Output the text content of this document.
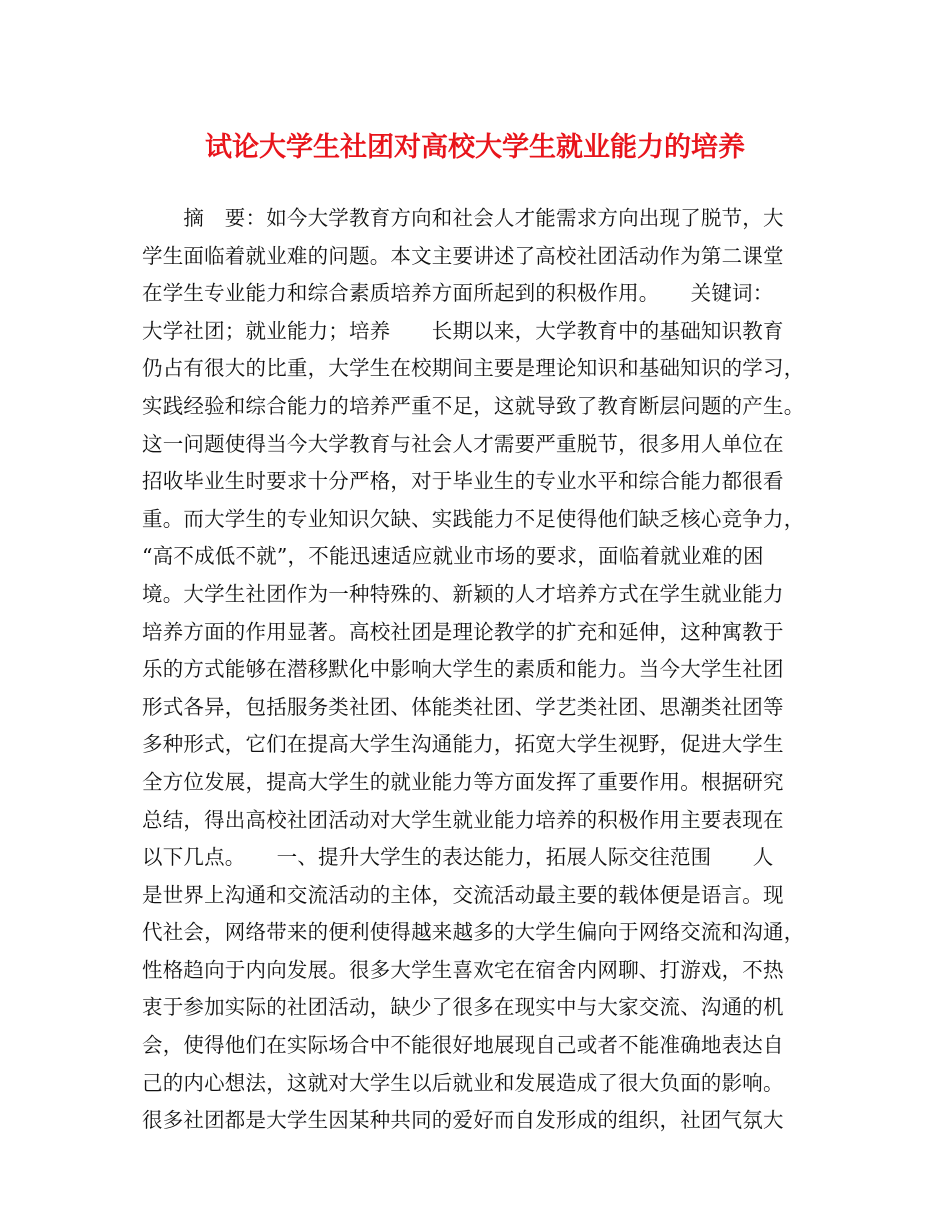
试论大学生社团对高校大学生就业能力的培养
　　摘　要：如今大学教育方向和社会人才能需求方向出现了脱节，大
学生面临着就业难的问题。本文主要讲述了高校社团活动作为第二课堂
在学生专业能力和综合素质培养方面所起到的积极作用。　　关键词：
大学社团；就业能力；培养　　长期以来，大学教育中的基础知识教育
仍占有很大的比重，大学生在校期间主要是理论知识和基础知识的学习，
实践经验和综合能力的培养严重不足，这就导致了教育断层问题的产生。
这一问题使得当今大学教育与社会人才需要严重脱节，很多用人单位在
招收毕业生时要求十分严格，对于毕业生的专业水平和综合能力都很看
重。而大学生的专业知识欠缺、实践能力不足使得他们缺乏核心竞争力，
“高不成低不就”，不能迅速适应就业市场的要求，面临着就业难的困
境。大学生社团作为一种特殊的、新颖的人才培养方式在学生就业能力
培养方面的作用显著。高校社团是理论教学的扩充和延伸，这种寓教于
乐的方式能够在潜移默化中影响大学生的素质和能力。当今大学生社团
形式各异，包括服务类社团、体能类社团、学艺类社团、思潮类社团等
多种形式，它们在提高大学生沟通能力，拓宽大学生视野，促进大学生
全方位发展，提高大学生的就业能力等方面发挥了重要作用。根据研究
总结，得出高校社团活动对大学生就业能力培养的积极作用主要表现在
以下几点。　　一、提升大学生的表达能力，拓展人际交往范围　　人
是世界上沟通和交流活动的主体，交流活动最主要的载体便是语言。现
代社会，网络带来的便利使得越来越多的大学生偏向于网络交流和沟通，
性格趋向于内向发展。很多大学生喜欢宅在宿舍内网聊、打游戏，不热
衷于参加实际的社团活动，缺少了很多在现实中与大家交流、沟通的机
会，使得他们在实际场合中不能很好地展现自己或者不能准确地表达自
己的内心想法，这就对大学生以后就业和发展造成了很大负面的影响。
很多社团都是大学生因某种共同的爱好而自发形成的组织，社团气氛大
